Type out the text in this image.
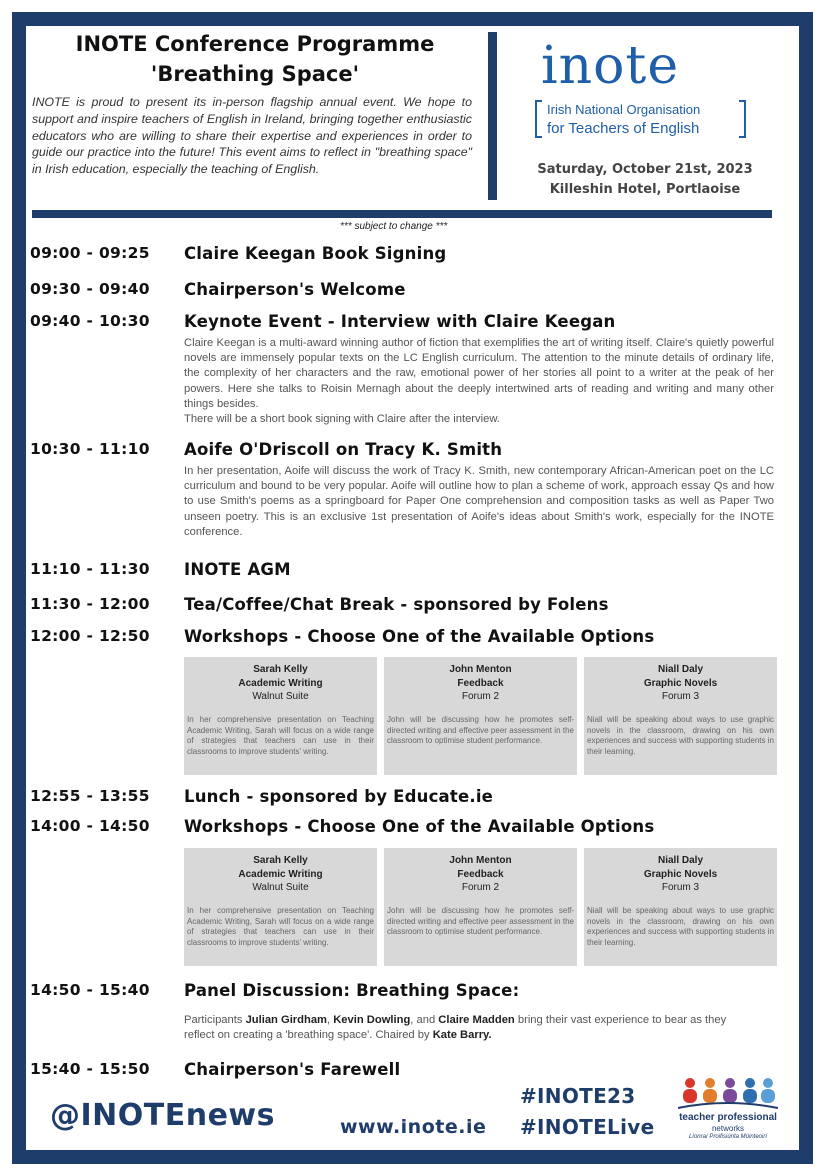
INOTE Conference Programme
'Breathing Space'
INOTE is proud to present its in-person flagship annual event. We hope to support and inspire teachers of English in Ireland, bringing together enthusiastic educators who are willing to share their expertise and experiences in order to guide our practice into the future! This event aims to reflect in "breathing space" in Irish education, especially the teaching of English.
inote
Irish National Organisation
for Teachers of English
Saturday, October 21st, 2023
Killeshin Hotel, Portlaoise
*** subject to change ***
09:00 - 09:25 Claire Keegan Book Signing
09:30 - 09:40 Chairperson's Welcome
09:40 - 10:30 Keynote Event - Interview with Claire Keegan
Claire Keegan is a multi-award winning author of fiction that exemplifies the art of writing itself. Claire's quietly powerful novels are immensely popular texts on the LC English curriculum. The attention to the minute details of ordinary life, the complexity of her characters and the raw, emotional power of her stories all point to a writer at the peak of her powers. Here she talks to Roisin Mernagh about the deeply intertwined arts of reading and writing and many other things besides.
There will be a short book signing with Claire after the interview.
10:30 - 11:10 Aoife O'Driscoll on Tracy K. Smith
In her presentation, Aoife will discuss the work of Tracy K. Smith, new contemporary African-American poet on the LC curriculum and bound to be very popular. Aoife will outline how to plan a scheme of work, approach essay Qs and how to use Smith's poems as a springboard for Paper One comprehension and composition tasks as well as Paper Two unseen poetry. This is an exclusive 1st presentation of Aoife's ideas about Smith's work, especially for the INOTE conference.
11:10 - 11:30 INOTE AGM
11:30 - 12:00 Tea/Coffee/Chat Break - sponsored by Folens
12:00 - 12:50 Workshops - Choose One of the Available Options
Sarah Kelly
Academic Writing
Walnut Suite
In her comprehensive presentation on Teaching Academic Writing, Sarah will focus on a wide range of strategies that teachers can use in their classrooms to improve students' writing.
John Menton
Feedback
Forum 2
John will be discussing how he promotes self-directed writing and effective peer assessment in the classroom to optimise student performance.
Niall Daly
Graphic Novels
Forum 3
Niall will be speaking about ways to use graphic novels in the classroom, drawing on his own experiences and success with supporting students in their learning.
12:55 - 13:55 Lunch - sponsored by Educate.ie
14:00 - 14:50 Workshops - Choose One of the Available Options
Sarah Kelly
Academic Writing
Walnut Suite
In her comprehensive presentation on Teaching Academic Writing, Sarah will focus on a wide range of strategies that teachers can use in their classrooms to improve students' writing.
John Menton
Feedback
Forum 2
John will be discussing how he promotes self-directed writing and effective peer assessment in the classroom to optimise student performance.
Niall Daly
Graphic Novels
Forum 3
Niall will be speaking about ways to use graphic novels in the classroom, drawing on his own experiences and success with supporting students in their learning.
14:50 - 15:40 Panel Discussion: Breathing Space:
Participants Julian Girdham, Kevin Dowling, and Claire Madden bring their vast experience to bear as they reflect on creating a 'breathing space'. Chaired by Kate Barry.
15:40 - 15:50 Chairperson's Farewell
@INOTEnews	www.inote.ie
#INOTE23
#INOTELive	teacher professional
networks
Líonraí Proifisiúnta Múinteoirí
